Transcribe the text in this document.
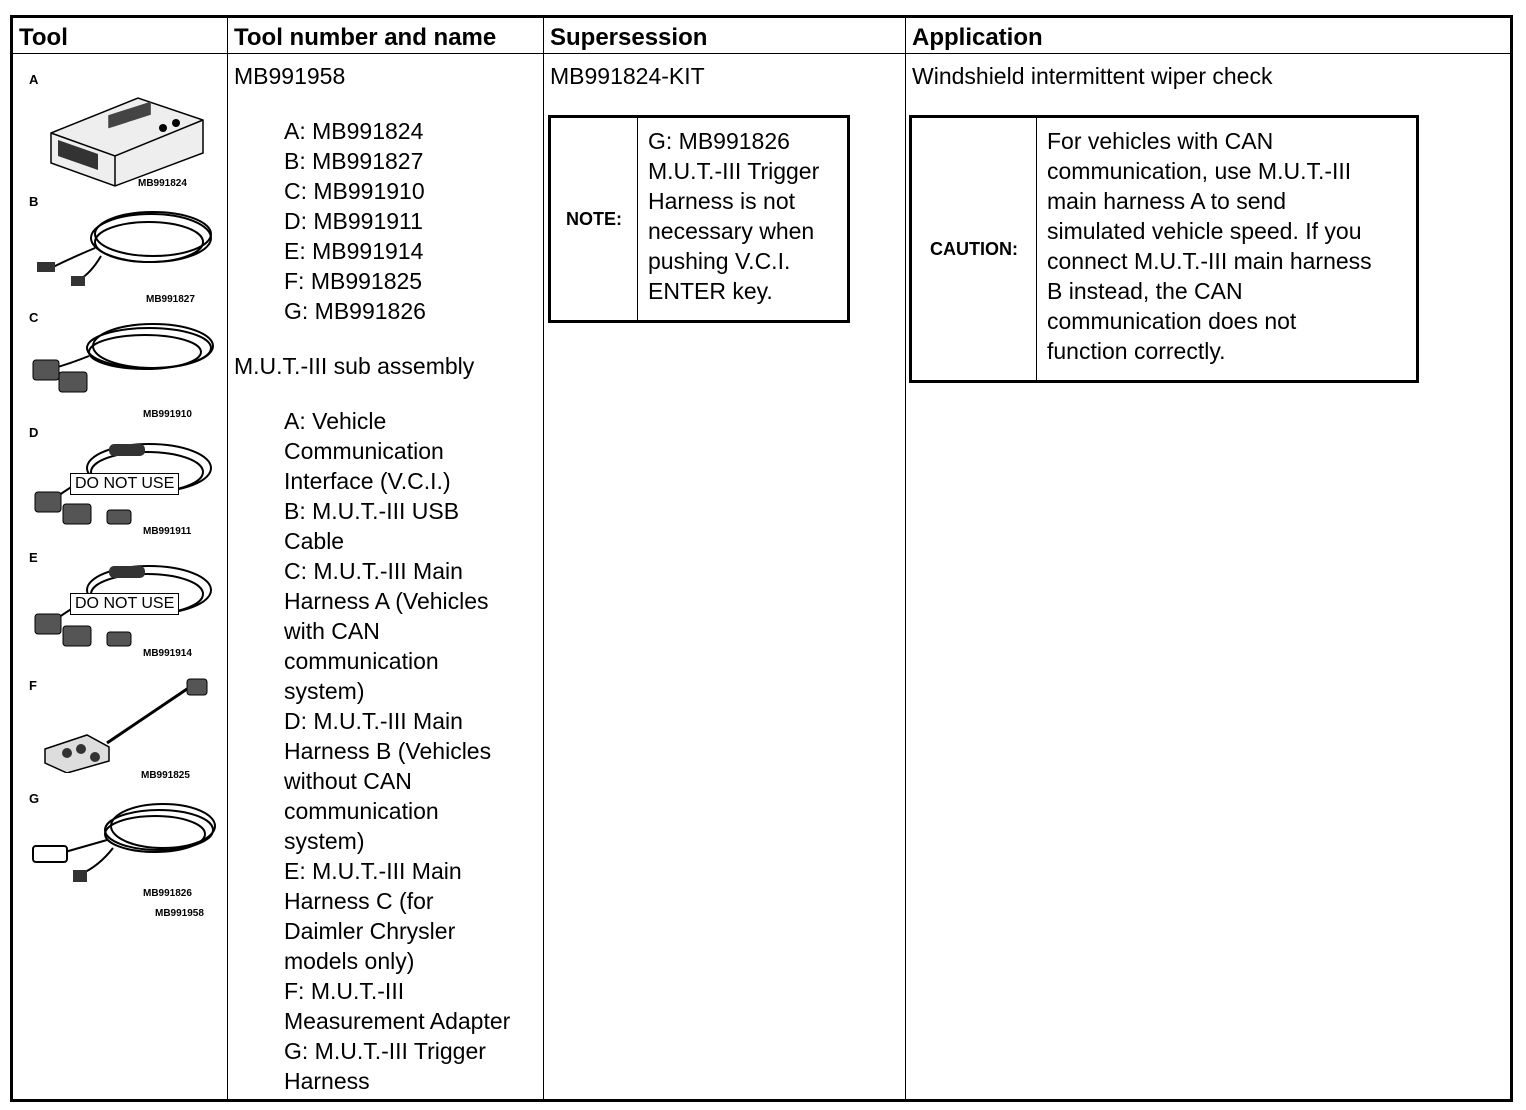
Tool	Tool number and name Supersession	Application
A
MB991824
B
MB991827
C
MB991910
D
DO NOT USE
MB991911
E
DO NOT USE
MB991914
F
MB991825
G
MB991826
MB991958
MB991958
A: MB991824
B: MB991827
C: MB991910
D: MB991911
E: MB991914
F: MB991825
G: MB991826
M.U.T.-III sub assembly
A: Vehicle
Communication
Interface (V.C.I.)
B: M.U.T.-III USB
Cable
C: M.U.T.-III Main
Harness A (Vehicles
with CAN
communication
system)
D: M.U.T.-III Main
Harness B (Vehicles
without CAN
communication
system)
E: M.U.T.-III Main
Harness C (for
Daimler Chrysler
models only)
F: M.U.T.-III
Measurement Adapter
G: M.U.T.-III Trigger
Harness
MB991824-KIT
NOTE:
G: MB991826
M.U.T.-III Trigger
Harness is not
necessary when
pushing V.C.I.
ENTER key.
Windshield intermittent wiper check
CAUTION:
For vehicles with CAN
communication, use M.U.T.-III
main harness A to send
simulated vehicle speed. If you
connect M.U.T.-III main harness
B instead, the CAN
communication does not
function correctly.
